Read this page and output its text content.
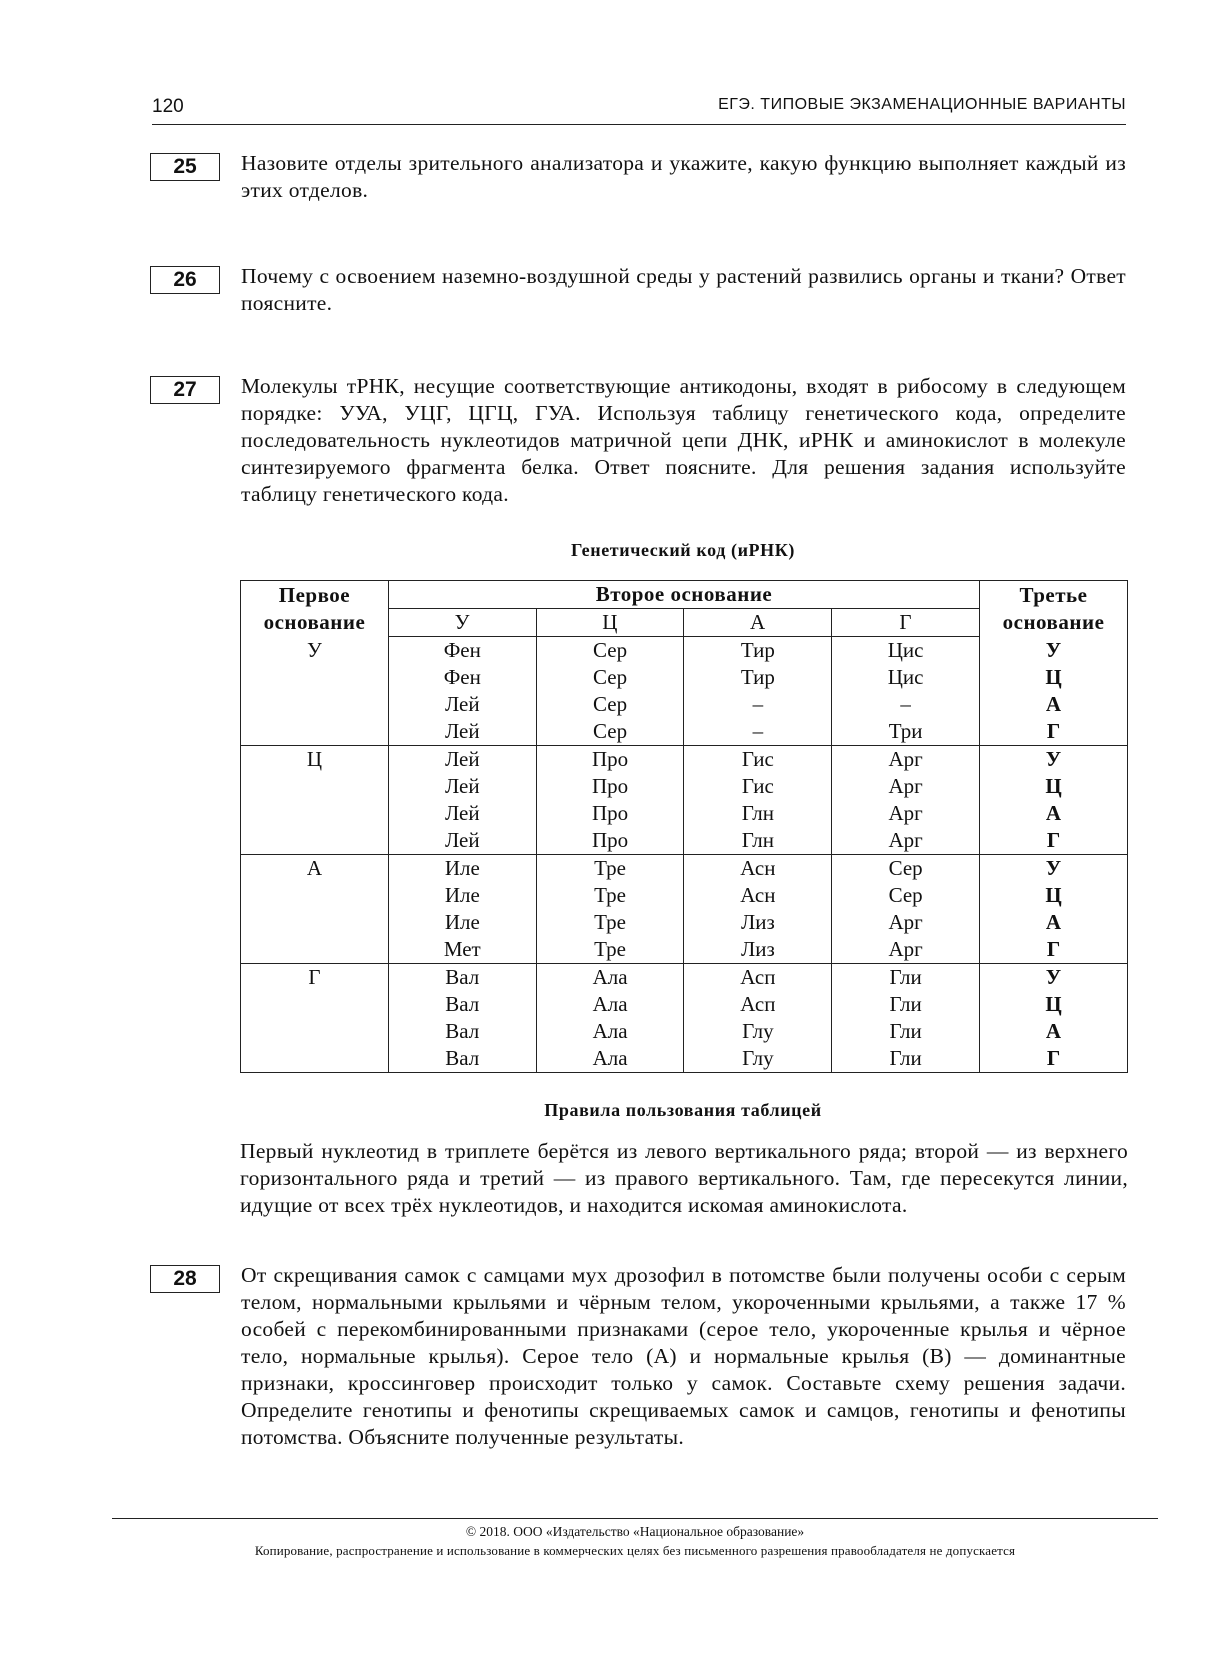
120	ЕГЭ. ТИПОВЫЕ ЭКЗАМЕНАЦИОННЫЕ ВАРИАНТЫ
25	Назовите отделы зрительного анализатора и укажите, какую функцию выполняет каждый из этих отделов.
26	Почему с освоением наземно-воздушной среды у растений развились органы и ткани? Ответ поясните.
27	Молекулы тРНК, несущие соответствующие антикодоны, входят в рибосому в следующем порядке: УУА, УЦГ, ЦГЦ, ГУА. Используя таблицу генетического кода, определите последовательность нуклеотидов матричной цепи ДНК, иРНК и аминокислот в молекуле синтезируемого фрагмента белка. Ответ поясните. Для решения задания используйте таблицу генетического кода.
Генетический код (иРНК)
Первое основание	Второе основание				Третье основание
	У	Ц	А	Г	
У	Фен	Сер	Тир	Цис	У
	Фен	Сер	Тир	Цис	Ц
	Лей	Сер	–	–	А
	Лей	Сер	–	Три	Г
Ц	Лей	Про	Гис	Арг	У
	Лей	Про	Гис	Арг	Ц
	Лей	Про	Глн	Арг	А
	Лей	Про	Глн	Арг	Г
А	Иле	Тре	Асн	Сер	У
	Иле	Тре	Асн	Сер	Ц
	Иле	Тре	Лиз	Арг	А
	Мет	Тре	Лиз	Арг	Г
Г	Вал	Ала	Асп	Гли	У
	Вал	Ала	Асп	Гли	Ц
	Вал	Ала	Глу	Гли	А
	Вал	Ала	Глу	Гли	Г
Правила пользования таблицей
Первый нуклеотид в триплете берётся из левого вертикального ряда; второй — из верхнего горизонтального ряда и третий — из правого вертикального. Там, где пересекутся линии, идущие от всех трёх нуклеотидов, и находится искомая аминокислота.
28	От скрещивания самок с самцами мух дрозофил в потомстве были получены особи с серым телом, нормальными крыльями и чёрным телом, укороченными крыльями, а также 17 % особей с перекомбинированными признаками (серое тело, укороченные крылья и чёрное тело, нормальные крылья). Серое тело (А) и нормальные крылья (В) — доминантные признаки, кроссинговер происходит только у самок. Составьте схему решения задачи. Определите генотипы и фенотипы скрещиваемых самок и самцов, генотипы и фенотипы потомства. Объясните полученные результаты.
© 2018. ООО «Издательство «Национальное образование»
Копирование, распространение и использование в коммерческих целях без письменного разрешения правообладателя не допускается
